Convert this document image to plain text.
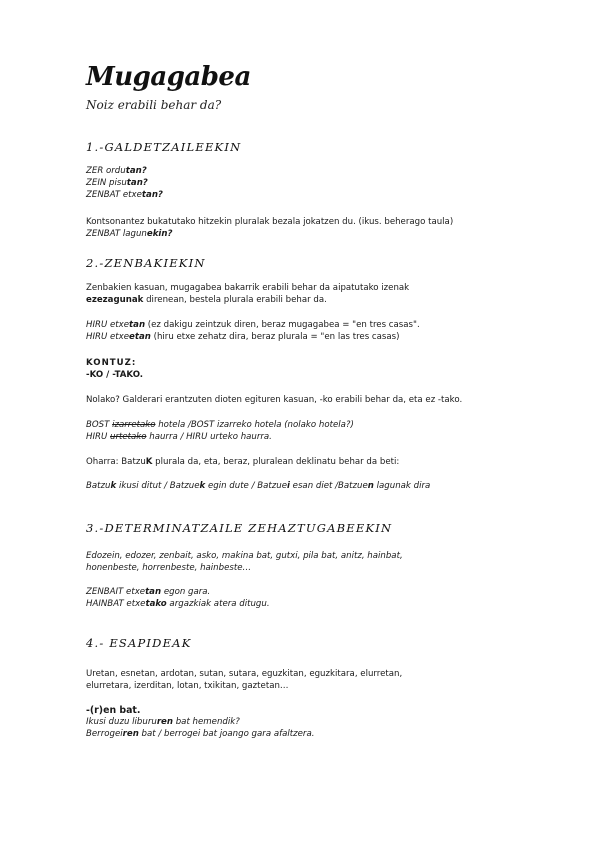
Mugagabea
Noiz erabili behar da?
1.-GALDETZAILEEKIN
ZER ordutan?
ZEIN pisutan?
ZENBAT etxetan?
Kontsonantez bukatutako hitzekin pluralak bezala jokatzen du. (ikus. beherago taula)
ZENBAT lagunekin?
2.-ZENBAKIEKIN
Zenbakien kasuan, mugagabea bakarrik erabili behar da aipatutako izenak
ezezagunak direnean, bestela plurala erabili behar da.
HIRU etxetan (ez dakigu zeintzuk diren, beraz mugagabea = "en tres casas".
HIRU etxeetan (hiru etxe zehatz dira, beraz plurala = "en las tres casas)
KONTUZ:
-KO / -TAKO.
Nolako? Galderari erantzuten dioten egituren kasuan, -ko erabili behar da, eta ez -tako.
BOST izarretako hotela /BOST izarreko hotela (nolako hotela?)
HIRU urtetako haurra / HIRU urteko haurra.
Oharra: BatzuK plurala da, eta, beraz, pluralean deklinatu behar da beti:
Batzuk ikusi ditut / Batzuek egin dute / Batzuei esan diet /Batzuen lagunak dira
3.-DETERMINATZAILE ZEHAZTUGABEEKIN
Edozein, edozer, zenbait, asko, makina bat, gutxi, pila bat, anitz, hainbat,
honenbeste, horrenbeste, hainbeste…
ZENBAIT etxetan egon gara.
HAINBAT etxetako argazkiak atera ditugu.
4.- ESAPIDEAK
Uretan, esnetan, ardotan, sutan, sutara, eguzkitan, eguzkitara, elurretan,
elurretara, izerditan, lotan, txikitan, gaztetan…
-(r)en bat.
Ikusi duzu libururen bat hemendik?
Berrogeiren bat / berrogei bat joango gara afaltzera.
